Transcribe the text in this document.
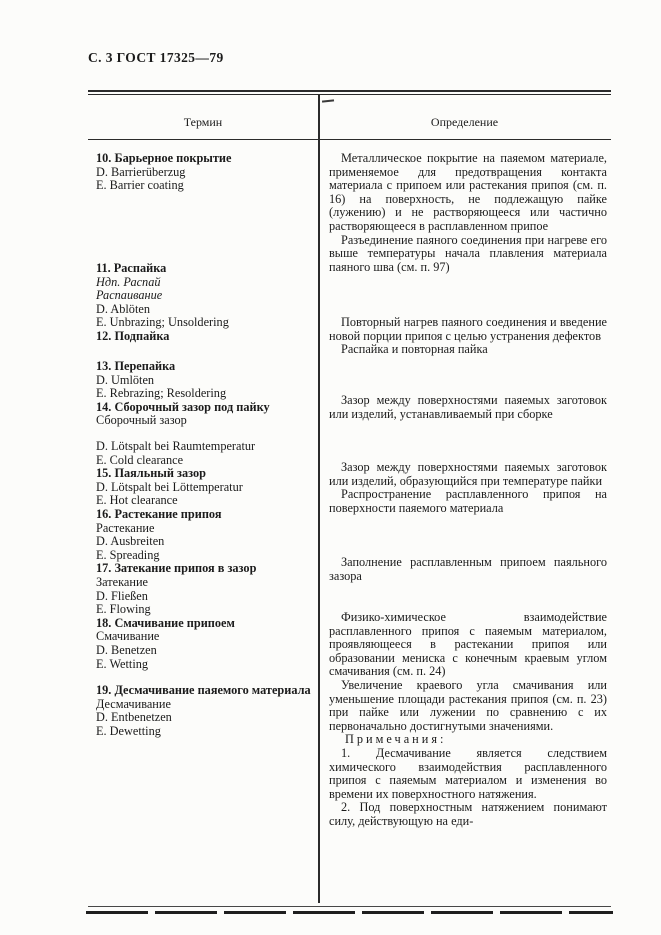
С. 3 ГОСТ 17325—79
Термин	Определение
10. Барьерное покрытие
D. Barrierüberzug
E. Barrier coating
11. Распайка
Ндп. Распай
Распаивание
D. Ablöten
E. Unbrazing; Unsoldering
12. Подпайка
13. Перепайка
D. Umlöten
E. Rebrazing; Resoldering
14. Сборочный зазор под пайку
Сборочный зазор
D. Lötspalt bei Raumtemperatur
E. Cold clearance
15. Паяльный зазор
D. Lötspalt bei Löttemperatur
E. Hot clearance
16. Растекание припоя
Растекание
D. Ausbreiten
E. Spreading
17. Затекание припоя в зазор
Затекание
D. Fließen
E. Flowing
18. Смачивание припоем
Смачивание
D. Benetzen
E. Wetting
19. Десмачивание паяемого материала
Десмачивание
D. Entbenetzen
E. Dewetting

Металлическое покрытие на паяемом материале, применяемое для предотвращения контакта материала с припоем или растекания припоя (см. п. 16) на поверхность, не подлежащую пайке (лужению) и не растворяющееся или частично растворяющееся в расплавленном припое

Разъединение паяного соединения при нагреве его выше температуры начала плавления материала паяного шва (см. п. 97)

Повторный нагрев паяного соединения и введение новой порции припоя с целью устранения дефектов

Распайка и повторная пайка

Зазор между поверхностями паяемых заготовок или изделий, устанавливаемый при сборке

Зазор между поверхностями паяемых заготовок или изделий, образующийся при температуре пайки

Распространение расплавленного припоя на поверхности паяемого материала

Заполнение расплавленным припоем паяльного зазора

Физико-химическое взаимодействие расплавленного припоя с паяемым материалом, проявляющееся в растекании припоя или образовании мениска с конечным краевым углом смачивания (см. п. 24)

Увеличение краевого угла смачивания или уменьшение площади растекания припоя (см. п. 23) при пайке или лужении по сравнению с их первоначально достигнутыми значениями.

Примечания:

1. Десмачивание является следствием химического взаимодействия расплавленного припоя с паяемым материалом и изменения во времени их поверхностного натяжения.

2. Под поверхностным натяжением понимают силу, действующую на еди-
